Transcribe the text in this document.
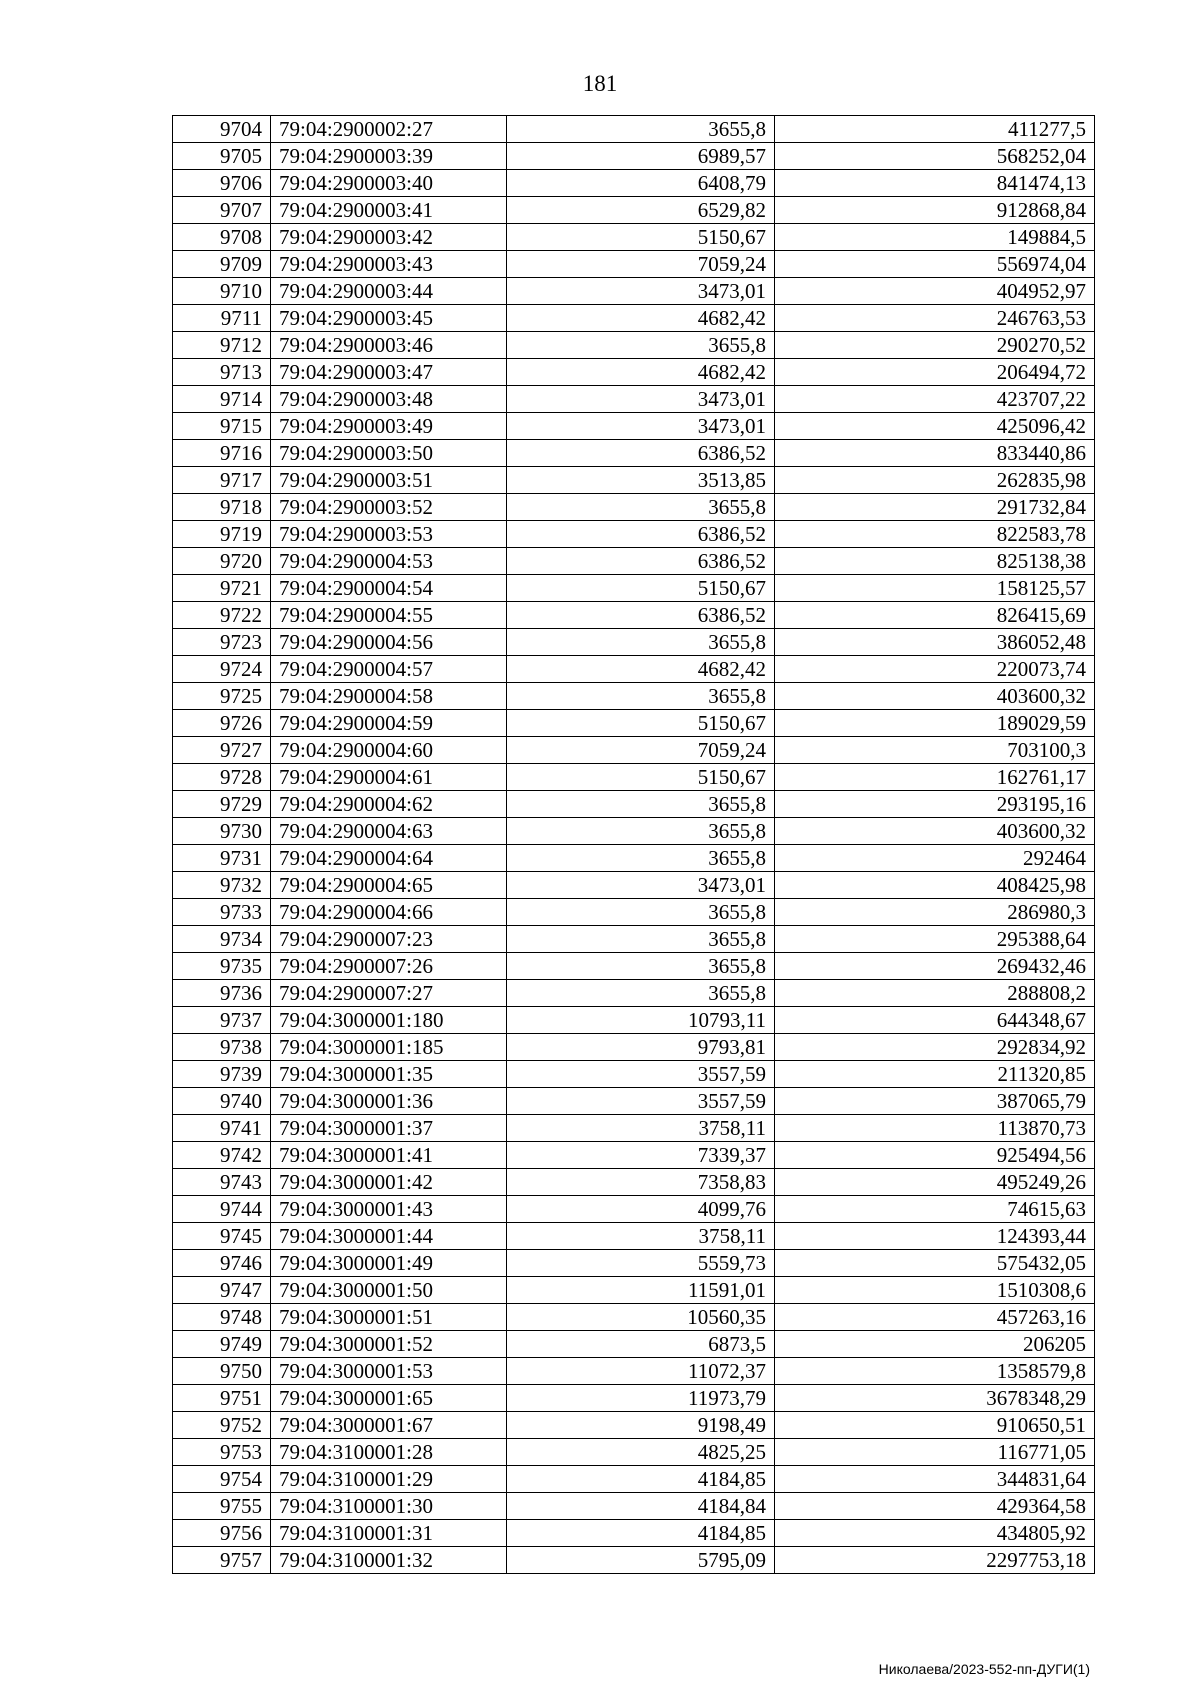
181
9704	79:04:2900002:27	3655,8	411277,5
9705	79:04:2900003:39	6989,57	568252,04
9706	79:04:2900003:40	6408,79	841474,13
9707	79:04:2900003:41	6529,82	912868,84
9708	79:04:2900003:42	5150,67	149884,5
9709	79:04:2900003:43	7059,24	556974,04
9710	79:04:2900003:44	3473,01	404952,97
9711	79:04:2900003:45	4682,42	246763,53
9712	79:04:2900003:46	3655,8	290270,52
9713	79:04:2900003:47	4682,42	206494,72
9714	79:04:2900003:48	3473,01	423707,22
9715	79:04:2900003:49	3473,01	425096,42
9716	79:04:2900003:50	6386,52	833440,86
9717	79:04:2900003:51	3513,85	262835,98
9718	79:04:2900003:52	3655,8	291732,84
9719	79:04:2900003:53	6386,52	822583,78
9720	79:04:2900004:53	6386,52	825138,38
9721	79:04:2900004:54	5150,67	158125,57
9722	79:04:2900004:55	6386,52	826415,69
9723	79:04:2900004:56	3655,8	386052,48
9724	79:04:2900004:57	4682,42	220073,74
9725	79:04:2900004:58	3655,8	403600,32
9726	79:04:2900004:59	5150,67	189029,59
9727	79:04:2900004:60	7059,24	703100,3
9728	79:04:2900004:61	5150,67	162761,17
9729	79:04:2900004:62	3655,8	293195,16
9730	79:04:2900004:63	3655,8	403600,32
9731	79:04:2900004:64	3655,8	292464
9732	79:04:2900004:65	3473,01	408425,98
9733	79:04:2900004:66	3655,8	286980,3
9734	79:04:2900007:23	3655,8	295388,64
9735	79:04:2900007:26	3655,8	269432,46
9736	79:04:2900007:27	3655,8	288808,2
9737	79:04:3000001:180	10793,11	644348,67
9738	79:04:3000001:185	9793,81	292834,92
9739	79:04:3000001:35	3557,59	211320,85
9740	79:04:3000001:36	3557,59	387065,79
9741	79:04:3000001:37	3758,11	113870,73
9742	79:04:3000001:41	7339,37	925494,56
9743	79:04:3000001:42	7358,83	495249,26
9744	79:04:3000001:43	4099,76	74615,63
9745	79:04:3000001:44	3758,11	124393,44
9746	79:04:3000001:49	5559,73	575432,05
9747	79:04:3000001:50	11591,01	1510308,6
9748	79:04:3000001:51	10560,35	457263,16
9749	79:04:3000001:52	6873,5	206205
9750	79:04:3000001:53	11072,37	1358579,8
9751	79:04:3000001:65	11973,79	3678348,29
9752	79:04:3000001:67	9198,49	910650,51
9753	79:04:3100001:28	4825,25	116771,05
9754	79:04:3100001:29	4184,85	344831,64
9755	79:04:3100001:30	4184,84	429364,58
9756	79:04:3100001:31	4184,85	434805,92
9757	79:04:3100001:32	5795,09	2297753,18
Николаева/2023-552-пп-ДУГИ(1)
